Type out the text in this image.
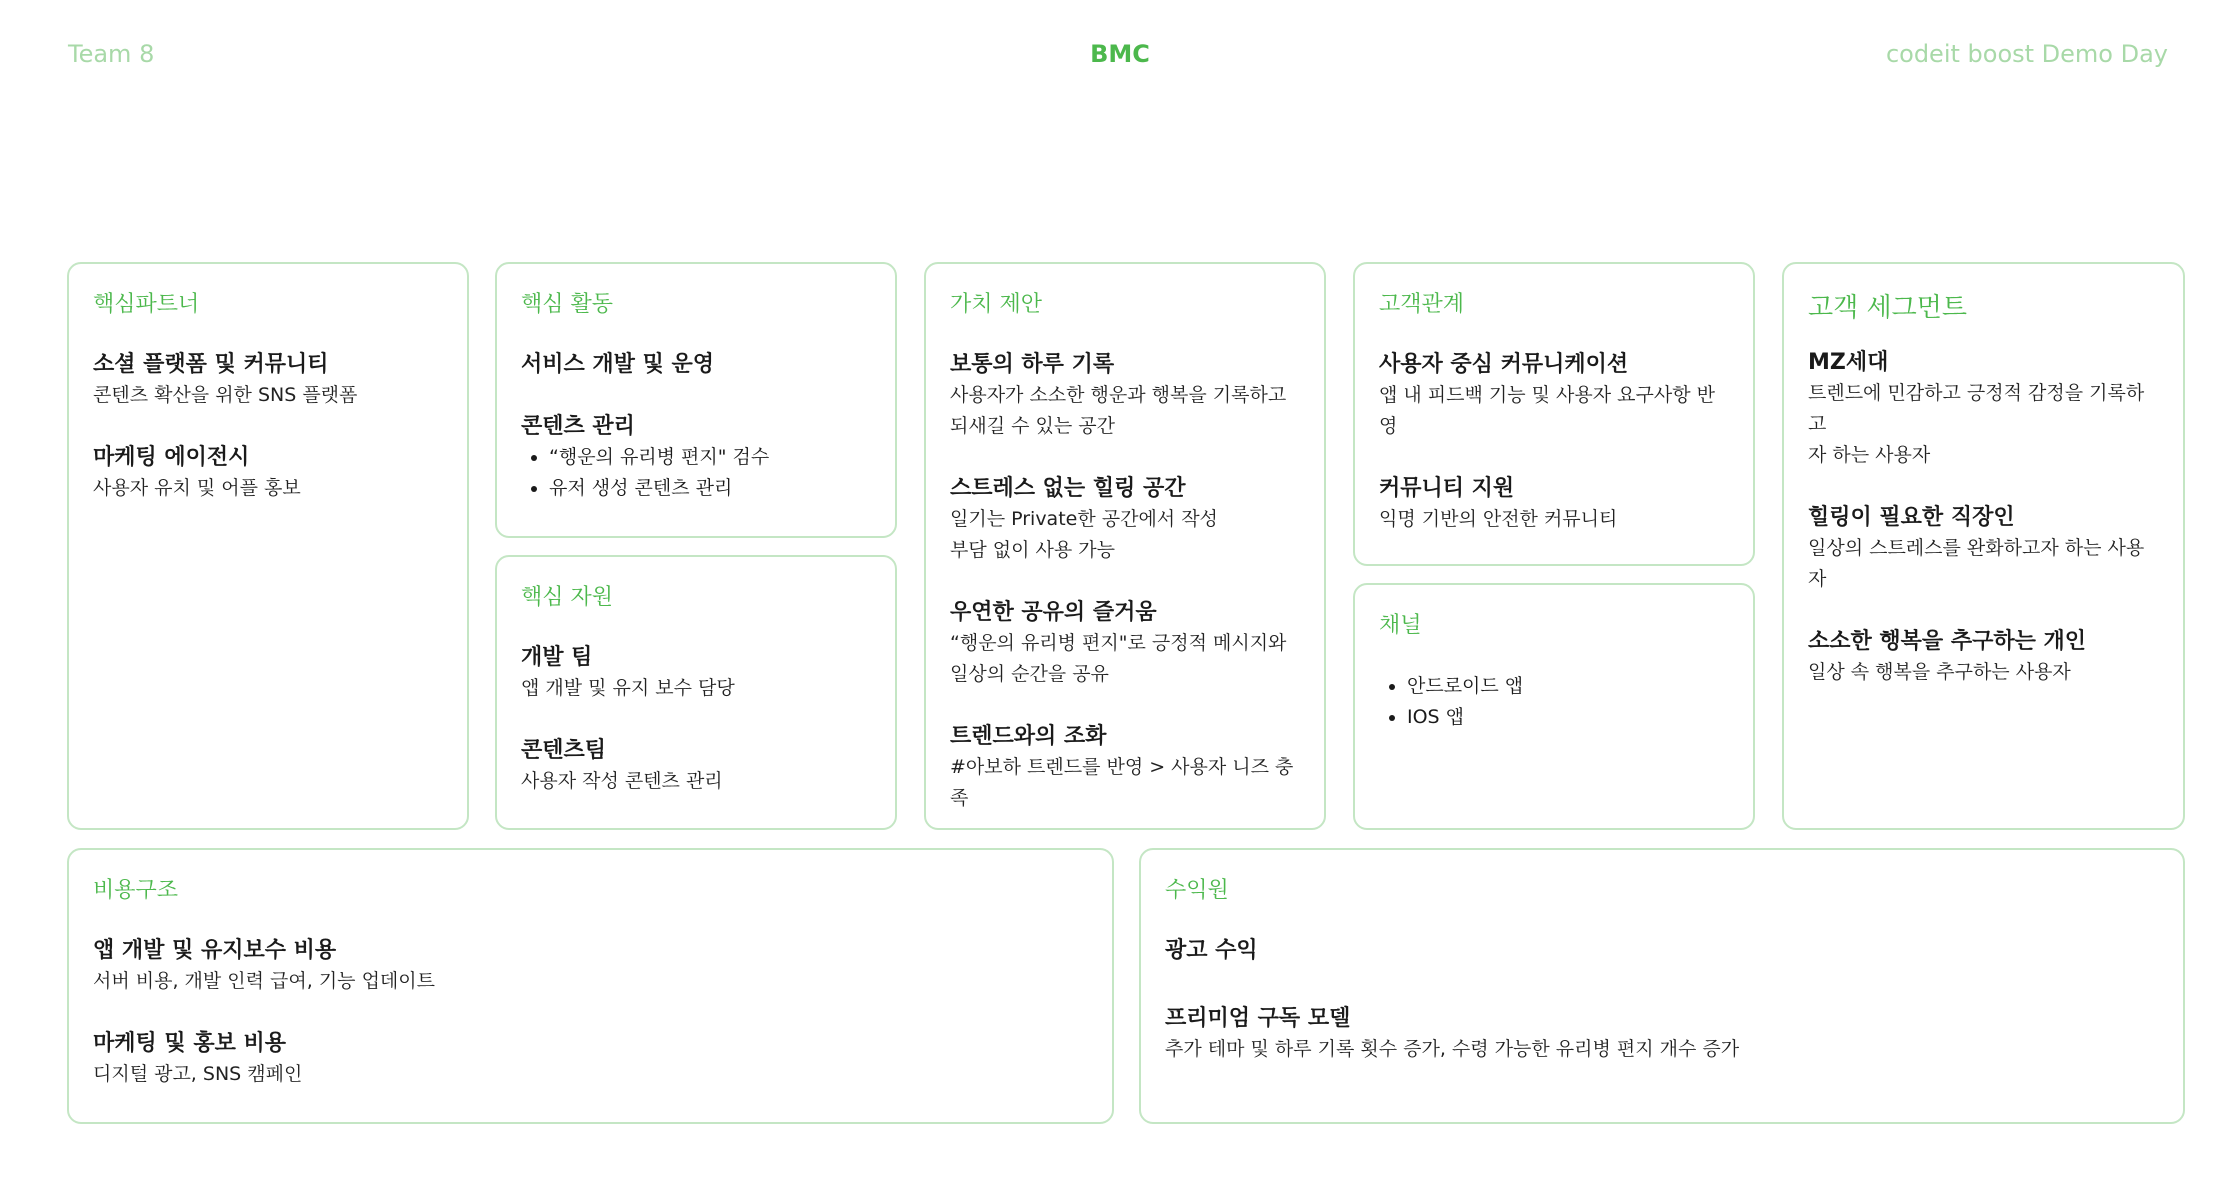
Team 8	BMC	codeit boost Demo Day
핵심파트너
소셜 플랫폼 및 커뮤니티
콘텐츠 확산을 위한 SNS 플랫폼
마케팅 에이전시
사용자 유치 및 어플 홍보
핵심 활동
서비스 개발 및 운영
콘텐츠 관리
• “행운의 유리병 편지" 검수
• 유저 생성 콘텐츠 관리
핵심 자원
개발 팀
앱 개발 및 유지 보수 담당
콘텐츠팀
사용자 작성 콘텐츠 관리
가치 제안
보통의 하루 기록
사용자가 소소한 행운과 행복을 기록하고
되새길 수 있는 공간
스트레스 없는 힐링 공간
일기는 Private한 공간에서 작성
부담 없이 사용 가능
우연한 공유의 즐거움
“행운의 유리병 편지"로 긍정적 메시지와
일상의 순간을 공유
트렌드와의 조화
#아보하 트렌드를 반영 > 사용자 니즈 충족
고객관계
사용자 중심 커뮤니케이션
앱 내 피드백 기능 및 사용자 요구사항 반영
커뮤니티 지원
익명 기반의 안전한 커뮤니티
채널
• 안드로이드 앱
• IOS 앱
고객 세그먼트
MZ세대
트렌드에 민감하고 긍정적 감정을 기록하고
자 하는 사용자
힐링이 필요한 직장인
일상의 스트레스를 완화하고자 하는 사용자
소소한 행복을 추구하는 개인
일상 속 행복을 추구하는 사용자
비용구조
앱 개발 및 유지보수 비용
서버 비용, 개발 인력 급여, 기능 업데이트
마케팅 및 홍보 비용
디지털 광고, SNS 캠페인
수익원
광고 수익
프리미엄 구독 모델
추가 테마 및 하루 기록 횟수 증가, 수령 가능한 유리병 편지 개수 증가
